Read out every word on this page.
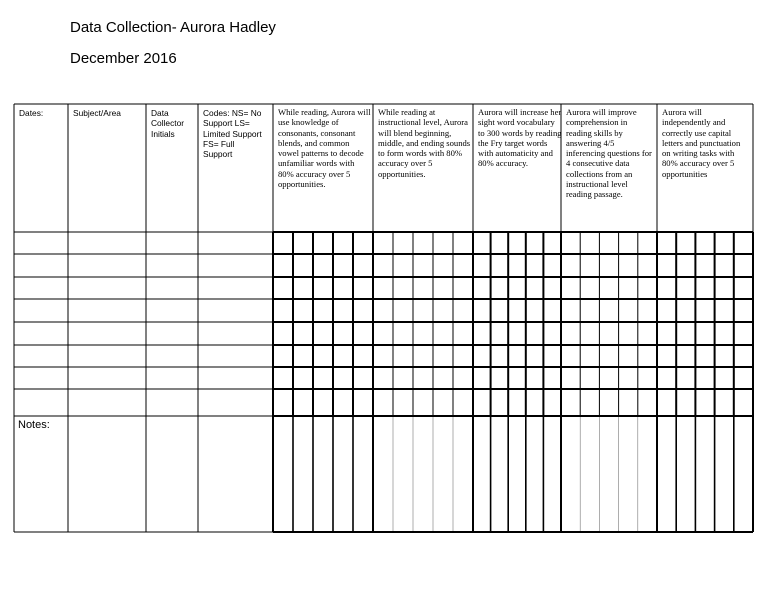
Data Collection- Aurora Hadley
December 2016
Dates:	Subject/Area	Data Collector Initials
Codes: NS= No Support LS= Limited Support FS= Full Support
While reading, Aurora will use knowledge of consonants, consonant blends, and common vowel patterns to decode unfamiliar words with 80% accuracy over 5 opportunities.
While reading at instructional level, Aurora will blend beginning, middle, and ending sounds to form words with 80% accuracy over 5 opportunities.
Aurora will increase her sight word vocabulary to 300 words by reading the Fry target words with automaticity and 80% accuracy.
Aurora will improve comprehension in reading skills by answering 4/5 inferencing questions for 4 consecutive data collections from an instructional level reading passage.
Aurora will independently and correctly use capital letters and punctuation on writing tasks with 80% accuracy over 5 opportunities
Notes:
